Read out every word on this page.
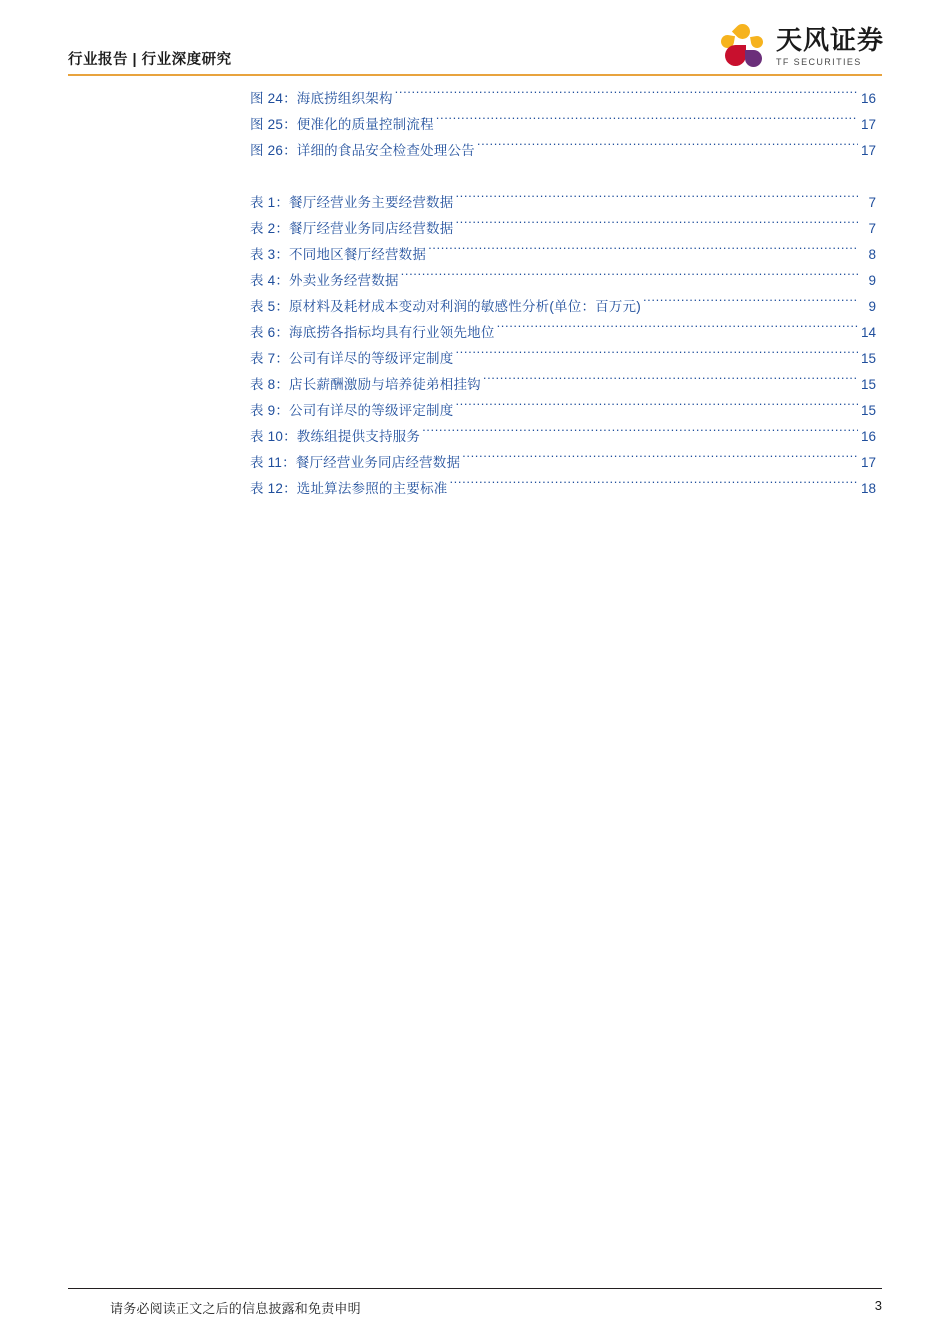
行业报告 | 行业深度研究
天风证券
TF SECURITIES
图 24：海底捞组织架构 .....	16
图 25：便准化的质量控制流程 .....	17
图 26：详细的食品安全检查处理公告 .....	17
表 1：餐厅经营业务主要经营数据 .....	7
表 2：餐厅经营业务同店经营数据 .....	7
表 3：不同地区餐厅经营数据 .....	8
表 4：外卖业务经营数据 .....	9
表 5：原材料及耗材成本变动对利润的敏感性分析(单位：百万元) .....	9
表 6：海底捞各指标均具有行业领先地位 .....	14
表 7：公司有详尽的等级评定制度 .....	15
表 8：店长薪酬激励与培养徒弟相挂钩 .....	15
表 9：公司有详尽的等级评定制度 .....	15
表 10：教练组提供支持服务 .....	16
表 11：餐厅经营业务同店经营数据 .....	17
表 12：选址算法参照的主要标准 .....	18
请务必阅读正文之后的信息披露和免责申明	3
